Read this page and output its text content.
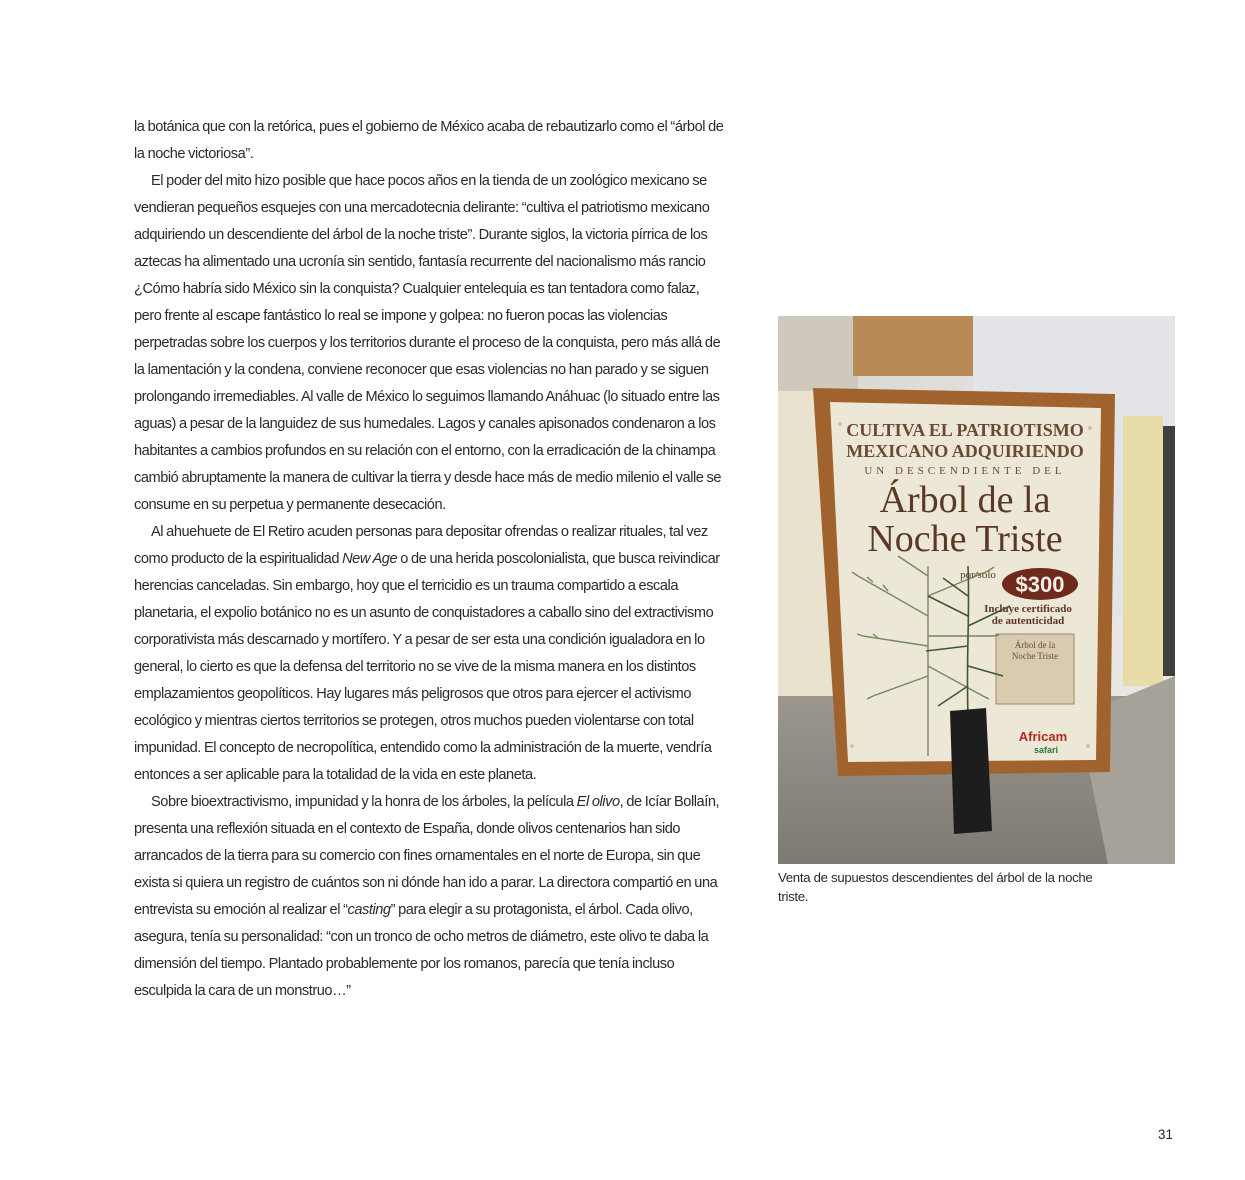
la botánica que con la retórica, pues el gobierno de México acaba de rebautizarlo como el “árbol de la noche victoriosa”.

El poder del mito hizo posible que hace pocos años en la tienda de un zoológico mexicano se vendieran pequeños esquejes con una mercadotecnia delirante: “cultiva el patriotismo mexicano adquiriendo un descendiente del árbol de la noche triste”. Durante siglos, la victoria pírrica de los aztecas ha alimentado una ucronía sin sentido, fantasía recurrente del nacionalismo más rancio ¿Cómo habría sido México sin la conquista? Cualquier entelequia es tan tentadora como falaz, pero frente al escape fantástico lo real se impone y golpea: no fueron pocas las violencias perpetradas sobre los cuerpos y los territorios durante el proceso de la conquista, pero más allá de la lamentación y la condena, conviene reconocer que esas violencias no han parado y se siguen prolongando irremediables. Al valle de México lo seguimos llamando Anáhuac (lo situado entre las aguas) a pesar de la languidez de sus humedales. Lagos y canales apisonados condenaron a los habitantes a cambios profundos en su relación con el entorno, con la erradicación de la chinampa cambió abruptamente la manera de cultivar la tierra y desde hace más de medio milenio el valle se consume en su perpetua y permanente desecación.

Al ahuehuete de El Retiro acuden personas para depositar ofrendas o realizar rituales, tal vez como producto de la espiritualidad New Age o de una herida poscolonialista, que busca reivindicar herencias canceladas. Sin embargo, hoy que el terricidio es un trauma compartido a escala planetaria, el expolio botánico no es un asunto de conquistadores a caballo sino del extractivismo corporativista más descarnado y mortífero. Y a pesar de ser esta una condición igualadora en lo general, lo cierto es que la defensa del territorio no se vive de la misma manera en los distintos emplazamientos geopolíticos. Hay lugares más peligrosos que otros para ejercer el activismo ecológico y mientras ciertos territorios se protegen, otros muchos pueden violentarse con total impunidad. El concepto de necropolítica, entendido como la administración de la muerte, vendría entonces a ser aplicable para la totalidad de la vida en este planeta.

Sobre bioextractivismo, impunidad y la honra de los árboles, la película El olivo, de Icíar Bollaín, presenta una reflexión situada en el contexto de España, donde olivos centenarios han sido arrancados de la tierra para su comercio con fines ornamentales en el norte de Europa, sin que exista si quiera un registro de cuántos son ni dónde han ido a parar. La directora compartió en una entrevista su emoción al realizar el “casting” para elegir a su protagonista, el árbol. Cada olivo, asegura, tenía su personalidad: “con un tronco de ocho metros de diámetro, este olivo te daba la dimensión del tiempo. Plantado probablemente por los romanos, parecía que tenía incluso esculpida la cara de un monstruo…”

CULTIVA EL PATRIOTISMO
MEXICANO ADQUIRIENDO
UN DESCENDIENTE DEL
Árbol de la
Noche Triste
por solo $300
Incluye certificado
de autenticidad
Árbol de la
Noche Triste
Africam
safari
Venta de supuestos descendientes del árbol de la noche triste.
31
